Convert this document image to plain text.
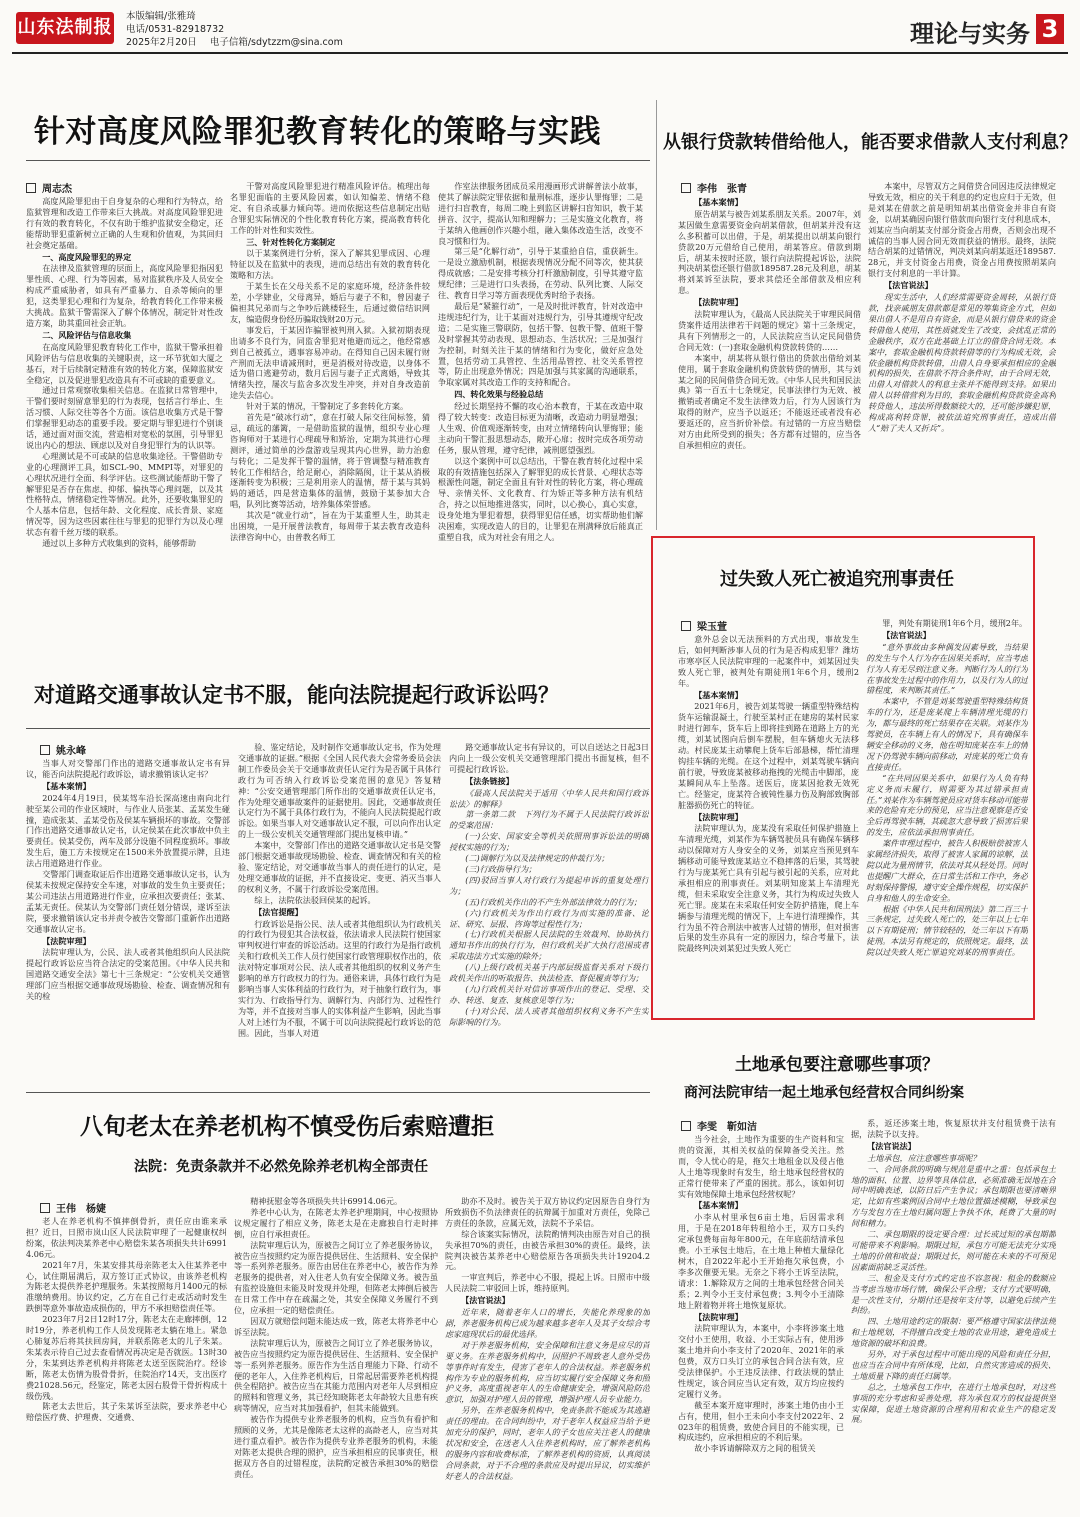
山东法制报
本版编辑/张雅琦
电话/0531-82918732
2025年2月20日 电子信箱/sdytzzm@sina.com	理论与实务 3
针对高度风险罪犯教育转化的策略与实践
周志杰

高度风险罪犯由于自身复杂的心理和行为特点，给监狱管理和改造工作带来巨大挑战。对高度风险罪犯进行有效的教育转化，不仅有助于维护监狱安全稳定，还能帮助罪犯重新树立正确的人生观和价值观，为其回归社会奠定基础。

一、高度风险罪犯的界定

在法律及监狱管理的层面上，高度风险罪犯指因犯罪性质、心理、行为等因素，易对监狱秩序及人员安全构成严重威胁者，如具有严重暴力、自杀等倾向的罪犯，这类罪犯心理和行为复杂，给教育转化工作带来极大挑战。监狱干警需深入了解个体情况，制定针对性改造方案，助其重回社会正轨。

二、风险评估与信息收集

在高度风险罪犯教育转化工作中，监狱干警承担着风险评估与信息收集的关键职责，这一环节犹如大厦之基石，对于后续制定精准有效的转化方案，保障监狱安全稳定，以及促进罪犯改造具有不可或缺的重要意义。

通过日常观察收集相关信息。在监狱日常管理中，干警们要时刻留意罪犯的行为表现，包括言行举止、生活习惯、人际交往等各个方面。该信息收集方式是干警们掌握罪犯动态的重要手段。要定期与罪犯进行个别谈话，通过面对面交流，营造相对宽松的氛围，引导罪犯说出内心的想法、顾虑以及对自身犯罪行为的认识等。

心理测试是不可或缺的信息收集途径。干警借助专业的心理测评工具，如SCL-90、MMPI等，对罪犯的心理状况进行全面、科学评估。这些测试能帮助干警了解罪犯是否存在焦虑、抑郁、偏执等心理问题，以及其性格特点，情绪稳定性等情况。此外，还要收集罪犯的个人基本信息，包括年龄、文化程度、成长背景、家庭情况等，因为这些因素往往与罪犯的犯罪行为以及心理状态有着千丝万缕的联系。

通过以上多种方式收集到的资料，能够帮助

干警对高度风险罪犯进行精准风险评估。梳理出每名罪犯面临的主要风险因素，如认知偏差、情绪不稳定、有自杀或暴力倾向等。进而依据这些信息制定出贴合罪犯实际情况的个性化教育转化方案，提高教育转化工作的针对性和实效性。

三、针对性转化方案制定

以于某案例进行分析，深入了解其犯罪成因、心理特征以及在监狱中的表现，进而总结出有效的教育转化策略和方法。

于某生长在父母关系不足的家庭环境，经济条件较差，小学肄业，父母离异，婚后与妻子不和，曾因妻子偏袒其兄弟而与之争吵后跳楼轻生，后通过微信结识网友，编造假身份经历骗取钱财20万元。

事发后，于某因诈骗罪被判刑入狱。入狱初期表现出请多不良行为，同监舍罪犯对他避而远之，他经常感到自己被孤立，遇事容易冲动。在得知自己因未履行财产刑而无法申请减刑时，更是消极对待改造，以身体不适为借口逃避劳动，数月后因与妻子正式离婚，导致其情绪失控，屡次与监舍多次发生冲突，并对自身改造前途失去信心。

针对于某的情况，干警制定了多套转化方案。

首先是“破冰行动”，意在打破人际交往间标签，猜忌，疏远的藩篱，一是借助监狱的温情，组织专业心理咨询师对于某进行心理疏导和矫治，定期为其进行心理测评，通过简单的沙盘游戏呈现其内心世界，助力治愈与转化；二是发挥干警的温情，将于管调整与精准教育转化工作相结合，给足耐心，消除隔阂，让于某从消极逐渐转变为积极；三是利用亲人的温情，帮于某与其妈妈的通话，四是营造集体的温情，鼓励于某参加大合唱，队列比赛等活动，培养集体荣誉感。

其次是“就业行动”，旨在为于某重塑人生，助其走出困境，一是开展普法教育，每周带于某去教育改造科法律咨询中心，由普教名师工

作室法律服务团成员采用漫画形式讲解普法小故事，使其了解法院定罪依据和量刑标准，逐步认罪悔罪；二是进行扫盲教育，每周二晚上到监区讲解扫盲知识，教于某拼音、汉字，提高认知和理解力；三是实施文化教育，将于某纳入他画创作兴趣小组，融入集体改造生活，改变不良习惯和行为。

第三是“化解行动”，引导于某重拾自信，重获新生。一是设立激励机制，根据表现情况分配不同等次，使其获得成就感；二是安排考核分打杆激励制度，引导其遵守监规纪律；三是进行口头表扬，在劳动、队列比赛、人际交往、教育日学习等方面表现优秀时给予表扬。

最后是“紧箍行动”，一是及时批评教育，针对改造中违规违纪行为，让于某面对违规行为，引导其遵规守纪改造；二是实施三警联防，包括干警、包教干警、值班干警及时掌握其劳动表现、思想动态、生活状况；三是加强行为控制，时刻关注于某的情绪和行为变化，做好应急处置，包括劳动工具管控、生活用品管控、社交关系管控等，防止出现意外情况；四是加强与其家属的沟通联系，争取家属对其改造工作的支持和配合。

四、转化效果与经验总结

经过长期坚持不懈的攻心治本教育，于某在改造中取得了较大转变：改造目标更为清晰，改造动力明显增强；人生观、价值观逐渐转变，由对立情绪转向认罪悔罪；能主动向干警汇报思想动态，敞开心扉；按时完成各项劳动任务，服从管理，遵守纪律，减刑愿望强烈。

以这个案例中可以总结出，干警在教育转化过程中采取的有效措施包括深入了解罪犯的成长背景、心理状态等根源性问题，制定全面且有针对性的转化方案，将心理疏导、亲情关怀、文化教育、行为矫正等多种方法有机结合，持之以恒地推进落实，同时，以心换心，真心实意，设身处地为罪犯着想，获得罪犯信任感，切实帮助他们解决困难，实现改造人的目的，让罪犯在刑满释放后能真正重塑自我，成为对社会有用之人。

从银行贷款转借给他人，能否要求借款人支付利息？
李伟　张青

【基本案情】

原告胡某与被告刘某系朋友关系。2007年，刘某因做生意需要资金向胡某借款，但胡某并没有这么多积蓄可以出借，于是，胡某提出以胡某向银行贷款20万元借给自己使用，胡某答应。借款到期后，胡某未按时还款，银行向法院提起诉讼，法院判决胡某偿还银行借款189587.28元及利息，胡某将刘某诉至法院，要求其偿还全部借款及相应利息。

【法院审理】

法院审理认为，《最高人民法院关于审理民间借贷案件适用法律若干问题的规定》第十三条规定，具有下列情形之一的，人民法院应当认定民间借贷合同无效：(一)套取金融机构贷款转贷的……

本案中，胡某将从银行借出的贷款出借给刘某使用，属于套取金融机构贷款转贷的情形，其与刘某之间的民间借贷合同无效。《中华人民共和国民法典》第一百五十七条规定，民事法律行为无效、被撤销或者确定不发生法律效力后，行为人因该行为取得的财产，应当予以返还；不能返还或者没有必要返还的，应当折价补偿。有过错的一方应当赔偿对方由此所受到的损失；各方都有过错的，应当各自承担相应的责任。

本案中，尽管双方之间借贷合同因违反法律规定导致无效，相应的关于利息的约定也应归于无效，但是刘某在借款之前是明知胡某出借资金并非自有资金，以胡某确因向银行借款而向银行支付利息成本，刘某应当向胡某支付部分资金占用费，否则会出现不诚信的当事人因合同无效而获益的情形。最终，法院结合胡某的过错情况，判决刘某向胡某返还189587.28元，并支付资金占用费，资金占用费按照胡某向银行支付利息的一半计算。

【法官说法】

现实生活中，人们经常需要资金周转，从银行贷款，找亲戚朋友借款都是常见的筹集资金方式，但如果出借人不是用自有资金，而是从银行借贷来的资金转借他人使用，其性质就发生了改变，会扰乱正常的金融秩序，双方在此基础上订立的借贷合同无效。本案中，套取金融机构贷款转借等的行为构成无效，会依金融机构贷款转借，出借人自身要承担相应的金融机构的损失，在借款不符合条件时，由于合同无效，出借人对借款人的利息主张并不能得到支持。如果出借人以转借营利为目的，套取金融机构贷款资金高利转贷他人，违法所得数额较大的，还可能涉嫌犯罪，构成高利转贷罪，被依法追究刑事责任，造成出借人“赔了夫人又折兵”。

过失致人死亡被追究刑事责任
梁玉萱

意外总会以无法预料的方式出现，事故发生后，如何判断涉事人员的行为是否构成犯罪？潍坊市寒亭区人民法院审理的一起案件中，刘某因过失致人死亡罪，被判处有期徒刑1年6个月，缓刑2年。

【基本案情】

2021年6月，被告刘某驾驶一辆重型特殊结构货车运输混凝土，行驶至某村正在建房的某村民家时进行卸车，货车后上即将挂到路在道路上方的光缆，刘某试图向后倒车摆脱，但车辆熄火无法移动。村民庞某主动攀爬上货车后部悬梯，帮忙清理钩挂车辆的光缆。在这个过程中，刘某驾驶车辆向前行驶，导致庞某被移动拖拽的光缆击中脚部，庞某瞬间从车上坠落。送医后，庞某因抢救无效死亡。经鉴定，庞某符合被钝性暴力伤及胸部致胸部脏器损伤死亡的特征。

【法院审理】

法院审理认为，庞某没有采取任何保护措施上车清理光缆，刘某作为车辆驾驶员具有确保车辆移动以保障对方人身安全的义务，刘某应当预见到车辆移动可能导致庞某站立不稳摔落的后果，其驾驶行为与庞某死亡具有引起与被引起的关系，应对此承担相应的刑事责任。刘某明知庞某上车清理光缆，但未采取安全注意义务，其行为构成过失致人死亡罪。庞某在未采取任何安全防护措施，爬上车辆参与清理光缆的情况下，上车进行清理操作，其行为虽不符合刑法中被害人过错的情形，但对损害后果的发生亦具有一定的原因力，综合考量下，法院最终判决刘某犯过失致人死亡

罪，判处有期徒刑1年6个月，缓刑2年。

【法官说法】

“意外事故由多种偶发因素导致，当结果的发生与个人行为存在因果关系时，应当考虑行为人有无尽到注意义务。判断行为人的行为在事故发生过程中的作用力，以及行为人的过错程度，来判断其责任。”

本案中，不管是刘某驾驶重型特殊结构货车的行为，还是庞某爬上车辆清理光缆的行为，都与最终的死亡结果存在关联。刘某作为驾驶员，在车辆上有人的情况下，具有确保车辆安全移动的义务，他在明知庞某在车上的情况下仍驾驶车辆向前移动，对庞某的死亡负有直接责任。

“在共同因果关系中，如果行为人负有特定义务而未履行，则需要为其过错承担责任。”刘某作为车辆驾驶员应对货车移动可能带来的危险有充分的预见，应当注意观察是否安全后再驾驶车辆，其疏忽大意导致了损害后果的发生，应依法承担刑事责任。

案件审理过程中，被告人积极赔偿被害人家属经济损失，取得了被害人家属的谅解，法院以此为量刑情节，依法对其从轻处罚。同时也提醒广大群众，在日常生活和工作中，务必时刻保持警惕，遵守安全操作规程，切实保护自身和他人的生命安全。

根据《中华人民共和国刑法》第二百三十三条规定，过失致人死亡的，处三年以上七年以下有期徒刑；情节较轻的，处三年以下有期徒刑。本法另有规定的，依照规定。最终，法院以过失致人死亡罪追究刘某的刑事责任。

对道路交通事故认定书不服，能向法院提起行政诉讼吗？
姚永峰

当事人对交警部门作出的道路交通事故认定书有异议，能否向法院提起行政诉讼，请求撤销该认定书？

【基本案情】

2024年4月19日，侯某驾车沿长深高速由南向北行驶至某公司的作业区域时，与作业人员张某、孟某发生碰撞，造成张某、孟某受伤及侯某车辆损坏的事故。交警部门作出道路交通事故认定书，认定侯某在此次事故中负主要责任。侯某受伤，两车及部分设施不同程度损坏。事故发生后，施工方未按规定在1500米外放置提示牌，且违法占用道路进行作业。

交警部门调查取证后作出道路交通事故认定书，认为侯某未按规定保持安全车速，对事故的发生负主要责任；某公司违法占用道路进行作业，应承担次要责任；张某、孟某无责任。侯某认为交警部门责任划分错误，遂诉至法院，要求撤销该认定书并责令被告交警部门重新作出道路交通事故认定书。

【法院审理】

法院审理认为，公民、法人或者其他组织向人民法院提起行政诉讼应当符合法定的受案范围。《中华人民共和国道路交通安全法》第七十三条规定：“公安机关交通管理部门应当根据交通事故现场勘验、检查、调查情况和有关的检

验、鉴定结论，及时制作交通事故认定书，作为处理交通事故的证据。”根据《全国人民代表大会常务委员会法制工作委员会关于交通事故责任认定行为是否属于具体行政行为可否纳入行政诉讼受案范围的意见》答复精神：“公安交通管理部门所作出的交通事故责任认定书，作为处理交通事故案件的证据使用。因此，交通事故责任认定行为不属于具体行政行为，不能向人民法院提起行政诉讼。如果当事人对交通事故认定不服，可以向作出认定的上一级公安机关交通管理部门提出复核申请。”

本案中，交警部门作出的道路交通事故认定书是交警部门根据交通事故现场勘验、检查、调查情况和有关的检验、鉴定结论，对交通事故当事人的责任进行的认定，是处理交通事故的证据，并不直接设定、变更、消灭当事人的权利义务，不属于行政诉讼受案范围。

综上，法院依法驳回侯某的起诉。

【法官提醒】

行政诉讼是指公民、法人或者其他组织认为行政机关的行政行为侵犯其合法权益，依法请求人民法院行使国家审判权进行审查的诉讼活动。这里的行政行为是指行政机关和行政机关工作人员行使国家行政管理职权作出的，依法对特定事项对公民、法人或者其他组织的权利义务产生影响的单方行政权力的行为。通俗来讲，具体行政行为是影响当事人实体利益的行政行为，对于抽象行政行为，事实行为、行政指导行为、调解行为、内部行为、过程性行为等，并不直接对当事人的实体利益产生影响，因此当事人对上述行为不服，不属于可以向法院提起行政诉讼的范围。因此，当事人对道

路交通事故认定书有异议的，可以自送达之日起3日内向上一级公安机关交通管理部门提出书面复核，但不可提起行政诉讼。

【法条链接】

《最高人民法院关于适用〈中华人民共和国行政诉讼法〉的解释》

第一条第二款　下列行为不属于人民法院行政诉讼的受案范围：

(一)公安、国家安全等机关依照刑事诉讼法的明确授权实施的行为；

(二)调解行为以及法律规定的仲裁行为；

(三)行政指导行为；

(四)驳回当事人对行政行为提起申诉的重复处理行为；

(五)行政机关作出的不产生外部法律效力的行为；

(六)行政机关为作出行政行为而实施的准备、论证、研究、层报、咨询等过程性行为；

(七)行政机关根据人民法院的生效裁判、协助执行通知书作出的执行行为，但行政机关扩大执行范围或者采取违法方式实施的除外；

(八)上级行政机关基于内部层级监督关系对下级行政机关作出的听取报告、执法检查、督促履责等行为；

(九)行政机关针对信访事项作出的登记、受理、交办、转送、复查、复核意见等行为；

(十)对公民、法人或者其他组织权利义务不产生实际影响的行为。

八旬老太在养老机构不慎受伤后索赔遭拒
法院：免责条款并不必然免除养老机构全部责任
王伟　杨婕

老人在养老机构不慎摔倒骨折，责任应由谁来承担？近日，日照市岚山区人民法院审理了一起健康权纠纷案，依法判决某养老中心赔偿朱某各项损失共计69914.06元。

2021年7月，朱某安排其母亲陈老太入住某养老中心，试住期届满后，双方签订正式协议，由该养老机构为陈老太提供养老护理服务。朱某按照每月1400元的标准缴纳费用。协议约定，乙方在自己行走或活动时发生跌倒等意外事故造成损伤的，甲方不承担赔偿责任等。

2023年7月2日12时17分，陈老太在走廊摔倒，12时19分，养老机构工作人员发现陈老太躺在地上。紧急心肺复苏后将其扶回房间，并联系陈老太的儿子朱某。朱某表示待自己过去查看情况再决定是否就医。13时30分，朱某到达养老机构并将陈老太送至医院治疗。经诊断，陈老太伤情为股骨骨折，住院治疗14天，支出医疗费21028.56元，经鉴定，陈老太因右股骨干骨折构成十级伤残。

陈老太去世后，其子朱某诉至法院，要求养老中心赔偿医疗费、护理费、交通费、

精神抚慰金等各项损失共计69914.06元。

养老中心认为，在陈老太养老护理期间，中心按照协议规定履行了相应义务，陈老太是在走廊独自行走时摔倒，应自行承担责任。

法院审理后认为，原被告之间订立了养老服务协议，被告应当按照约定为原告提供居住、生活照料、安全保护等一系列养老服务。原告由居住在养老中心，被告作为养老服务的提供者，对入住老人负有安全保障义务。被告虽有监控设施但未能及时发现并处理，但陈老太摔倒后被告在日常工作中存在疏漏之处，其安全保障义务履行不到位，应承担一定的赔偿责任。

因双方就赔偿问题未能达成一致，陈老太将养老中心诉至法院。

法院审理后认为，原被告之间订立了养老服务协议，被告应当按照约定为原告提供居住、生活照料、安全保护等一系列养老服务。原告作为生活自理能力下降、行动不便的老年人，入住养老机构后，日常起居需要养老机构提供全程陪护。被告应当在其能力范围内对老年人尽到相应的照料和管理义务，其已经知晓陈老太年龄较大且患有疾病等情况，应当对其加强看护，但其未能做到。

被告作为提供专业养老服务的机构，应当负有看护和照顾的义务，尤其是像陈老太这样的高龄老人，应当对其进行重点看护。被告作为提供专业养老服务的机构，未能对陈老太提供合理的照护，应当承担相应的民事责任，根据双方各自的过错程度，法院酌定被告承担30%的赔偿责任。

助亦不及时。被告关于双方协议约定因原告自身行为所致损伤不负法律责任的抗辩属于加重对方责任，免除己方责任的条款，应属无效，法院不予采信。

综合该案实际情况，法院酌情判决由原告对自己的损失承担70%的责任，由被告承担30%的责任。最终，法院判决被告某养老中心赔偿原告各项损失共计19204.2元。

一审宣判后，养老中心不服，提起上诉。日照市中级人民法院二审驳回上诉，维持原判。

【法官说法】

近年来，随着老年人口的增长，失能化养现象的加剧，养老服务机构已成为越来越多老年人及其子女综合考虑家庭现状后的最优选择。

对于养老服务机构，安全保障和注意义务是应尽的首要义务。在养老服务机构中，因照护不周致老人意外受伤等事件时有发生，侵害了老年人的合法权益。养老服务机构作为专业的服务机构，应当切实履行安全保障义务和照护义务，高度重视老年人的生命健康安全，增强风险防范意识，加强对护理人员的管理，增强护理人员专业能力。

另外，在养老服务机构中，免责条款不能成为其逃避责任的理由。在合同纠纷中，对于老年人权益应当给予更加充分的保护，同时，老年人的子女也应关注老人的健康状况和安全，在送老人入住养老机构时，应了解养老机构的服务内容和收费标准，了解养老机构的资质，认真阅读合同条款，对于不合理的条款应及时提出异议，切实维护好老人的合法权益。

土地承包要注意哪些事项？
商河法院审结一起土地承包经营权合同纠纷案
李雯　靳如洁

当今社会，土地作为重要的生产资料和宝贵的资源，其相关权益的保障备受关注。然而，令人忧心的是，拖欠土地租金以及侵占他人土地等现象时有发生，给土地承包经营权的正常行使带来了严重的困扰。那么，该如何切实有效地保障土地承包经营权呢？

【基本案情】

小李从村里承包6亩土地，后因需求利用，于是在2018年转租给小王，双方口头约定承包费每亩每年800元，在年底前结清承包费。小王承包土地后，在土地上种植大量绿化树木，自2022年起小王开始拖欠承包费，小李多次催要无果。无奈之下将小王诉至法院，请求：1.解除双方之间的土地承包经营合同关系；2.判令小王支付承包费；3.判令小王清除地上附着物并将土地恢复原状。

【法院审理】

法院审理认为，本案中，小李将涉案土地交付小王使用，收益、小王实际占有，使用涉案土地并向小李支付了2020年、2021年的承包费，双方口头订立的承包合同合法有效，应受法律保护。小王违反法律、行政法规的禁止性规定，该合同应当认定有效，双方均应按约定履行义务。

截至本案开庭审理时，涉案土地仍由小王占有，使用，但小王未向小李支付2022年、2023年的租赁费，致使合同目的不能实现，已构成违约，应承担相应的不利后果。

故小李诉请解除双方之间的租赁关

系，返还涉案土地，恢复原状并支付租赁费于法有据，法院予以支持。

【法官说法】

土地承包，应注意哪些事项呢？

一、合同条款的明确与规范是重中之重：包括承包土地的面积、位置、边界等具体信息，必须准确无误地在合同中明确表述，以防日后产生争议；承包期限也要清晰界定，比如有些案例因合同中土地位置描述模糊，导致承包方与发包方在土地归属问题上争执不休，耗费了大量的时间和精力。

二、承包期限的设定要合理：过长或过短的承包期都可能带来不利影响。期限过短，承包方可能无法充分实现土地的价值和收益；期限过长，则可能在未来的不可预见因素面前缺乏灵活性。

三、租金及支付方式约定也不容忽视：租金的数额应当考虑当地市场行情，确保公平合理；支付方式要明确，是一次性支付，分期付还是按年支付等，以避免后续产生纠纷。

四、土地用途约定的限制：要严格遵守国家法律法规和土地规划，不得擅自改变土地的农业用途，避免造成土地资源的破坏和浪费。

另外，对于承包过程中可能出现的风险和责任分担，也应当在合同中有所体现，比如，自然灾害造成的损失、土地质量下降的责任归属等。

总之，土地承包工作中，在进行土地承包时，对这些事项的充分考虑和妥善处理，将为承包双方的权益提供坚实保障，促进土地资源的合理利用和农业生产的稳定发展。
